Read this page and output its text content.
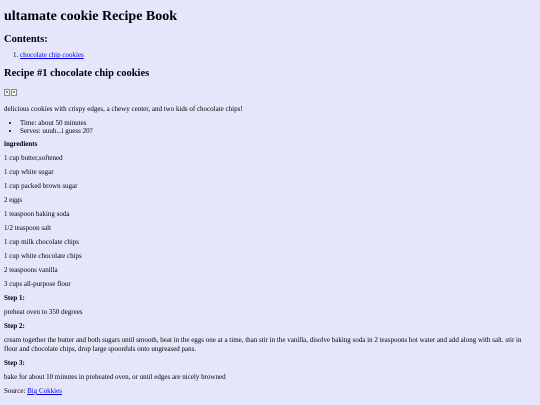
ultamate cookie Recipe Book
Contents:
1. chocolate chip cookies
Recipe #1 chocolate chip cookies

delicious cookies with crispy edges, a chewy center, and two kids of chocolate chips!

• Time: about 50 minutes
• Serves: uuuh...i guess 20?

ingredients

1 cup butter,softened

1 cup white sugar

1 cup packed brown sugar

2 eggs

1 teaspoon baking soda

1/2 teaspoon salt

1 cup milk chocolate chips

1 cup white chocolate chips

2 teaspoons vanilla

3 cups all-purpose flour

Step 1:

preheat oven to 350 degrees

Step 2:

cream together the butter and both sugars until smooth, beat in the eggs one at a time, than stir in the vanilla, disolve baking soda in 2 teaspoons hot water and add along with salt. stir in flour and chocolate chips, drop large spoonfuls onto ungreased pans.

Step 3:

bake for about 10 minutes in preheated oven, or until edges are nicely browned

Source: Big Cokkies
